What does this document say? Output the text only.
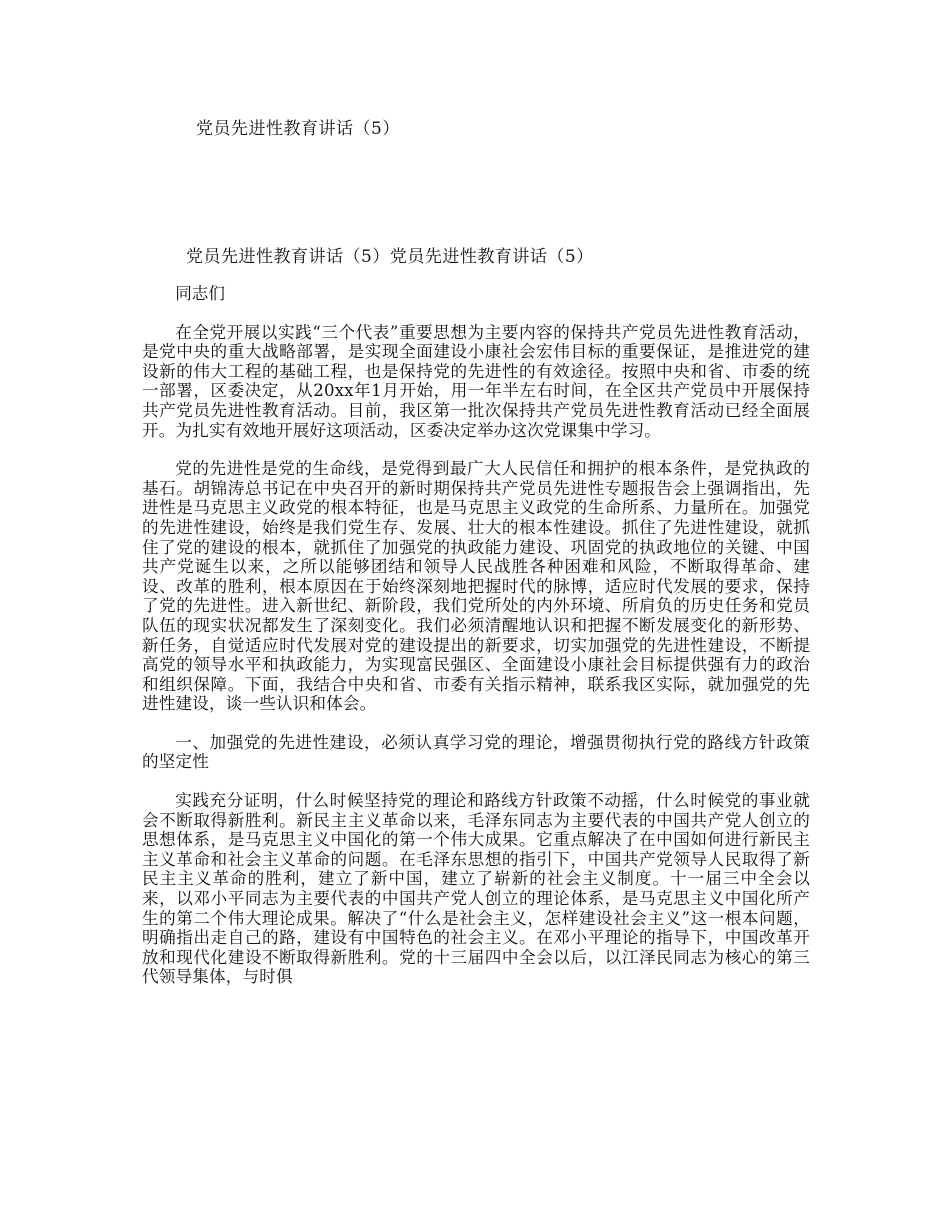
党员先进性教育讲话（5）
党员先进性教育讲话（5）党员先进性教育讲话（5）

同志们

在全党开展以实践“三个代表”重要思想为主要内容的保持共产党员先进性教育活动，是党中央的重大战略部署，是实现全面建设小康社会宏伟目标的重要保证，是推进党的建设新的伟大工程的基础工程，也是保持党的先进性的有效途径。按照中央和省、市委的统一部署，区委决定，从20xx年1月开始，用一年半左右时间，在全区共产党员中开展保持共产党员先进性教育活动。目前，我区第一批次保持共产党员先进性教育活动已经全面展开。为扎实有效地开展好这项活动，区委决定举办这次党课集中学习。

党的先进性是党的生命线，是党得到最广大人民信任和拥护的根本条件，是党执政的基石。胡锦涛总书记在中央召开的新时期保持共产党员先进性专题报告会上强调指出，先进性是马克思主义政党的根本特征，也是马克思主义政党的生命所系、力量所在。加强党的先进性建设，始终是我们党生存、发展、壮大的根本性建设。抓住了先进性建设，就抓住了党的建设的根本，就抓住了加强党的执政能力建设、巩固党的执政地位的关键、中国共产党诞生以来，之所以能够团结和领导人民战胜各种困难和风险，不断取得革命、建设、改革的胜利，根本原因在于始终深刻地把握时代的脉博，适应时代发展的要求，保持了党的先进性。进入新世纪、新阶段，我们党所处的内外环境、所肩负的历史任务和党员队伍的现实状况都发生了深刻变化。我们必须清醒地认识和把握不断发展变化的新形势、新任务，自觉适应时代发展对党的建设提出的新要求，切实加强党的先进性建设，不断提高党的领导水平和执政能力，为实现富民强区、全面建设小康社会目标提供强有力的政治和组织保障。下面，我结合中央和省、市委有关指示精神，联系我区实际，就加强党的先进性建设，谈一些认识和体会。

一、加强党的先进性建设，必须认真学习党的理论，增强贯彻执行党的路线方针政策的坚定性

实践充分证明，什么时候坚持党的理论和路线方针政策不动摇，什么时候党的事业就会不断取得新胜利。新民主主义革命以来，毛泽东同志为主要代表的中国共产党人创立的思想体系，是马克思主义中国化的第一个伟大成果。它重点解决了在中国如何进行新民主主义革命和社会主义革命的问题。在毛泽东思想的指引下，中国共产党领导人民取得了新民主主义革命的胜利，建立了新中国，建立了崭新的社会主义制度。十一届三中全会以来，以邓小平同志为主要代表的中国共产党人创立的理论体系，是马克思主义中国化所产生的第二个伟大理论成果。解决了“什么是社会主义，怎样建设社会主义”这一根本问题，明确指出走自己的路，建设有中国特色的社会主义。在邓小平理论的指导下，中国改革开放和现代化建设不断取得新胜利。党的十三届四中全会以后，以江泽民同志为核心的第三代领导集体，与时俱
